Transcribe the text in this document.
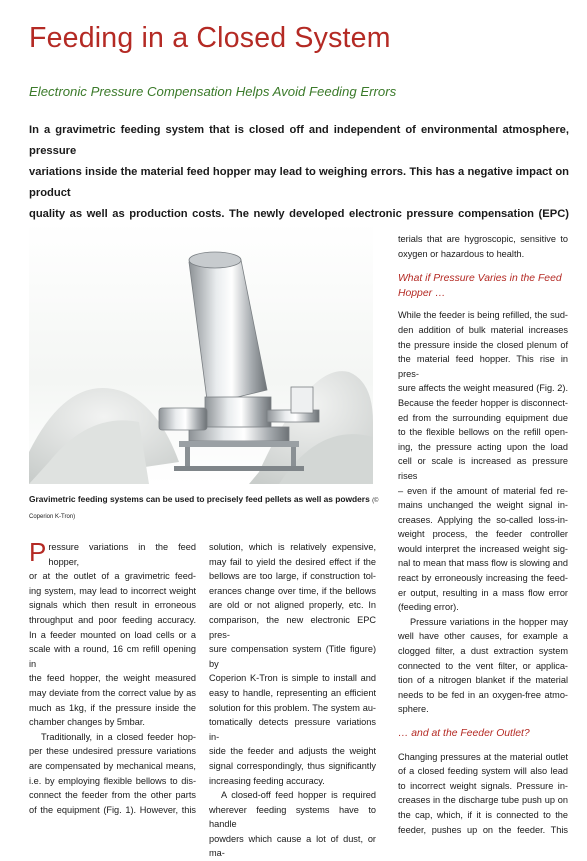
Feeding in a Closed System
Electronic Pressure Compensation Helps Avoid Feeding Errors
In a gravimetric feeding system that is closed off and independent of environmental atmosphere, pressure
variations inside the material feed hopper may lead to weighing errors. This has a negative impact on product
quality as well as production costs. The newly developed electronic pressure compensation (EPC)
Gravimetric feeding systems can be used to precisely feed pellets as well as powders (© Coperion K-Tron)
P ressure variations in the feed hopper,

or at the outlet of a gravimetric feed-

ing system, may lead to incorrect weight

signals which then result in erroneous

throughput and poor feeding accuracy.

In a feeder mounted on load cells or a

scale with a round, 16 cm refill opening in

the feed hopper, the weight measured

may deviate from the correct value by as

much as 1kg, if the pressure inside the

chamber changes by 5mbar.

Traditionally, in a closed feeder hop-

per these undesired pressure variations

are compensated by mechanical means,

i.e. by employing flexible bellows to dis-

connect the feeder from the other parts

of the equipment (Fig. 1). However, this

solution, which is relatively expensive,

may fail to yield the desired effect if the

bellows are too large, if construction tol-

erances change over time, if the bellows

are old or not aligned properly, etc. In

comparison, the new electronic EPC pres-

sure compensation system (Title figure) by

Coperion K-Tron is simple to install and

easy to handle, representing an efficient

solution for this problem. The system au-

tomatically detects pressure variations in-

side the feeder and adjusts the weight

signal correspondingly, thus significantly

increasing feeding accuracy.

A closed-off feed hopper is required

wherever feeding systems have to handle

powders which cause a lot of dust, or ma-

terials that are hygroscopic, sensitive to

oxygen or hazardous to health.

What if Pressure Varies in the Feed

Hopper …

While the feeder is being refilled, the sud-

den addition of bulk material increases

the pressure inside the closed plenum of

the material feed hopper. This rise in pres-

sure affects the weight measured (Fig. 2).

Because the feeder hopper is disconnect-

ed from the surrounding equipment due

to the flexible bellows on the refill open-

ing, the pressure acting upon the load

cell or scale is increased as pressure rises

– even if the amount of material fed re-

mains unchanged the weight signal in-

creases. Applying the so-called loss-in-

weight process, the feeder controller

would interpret the increased weight sig-

nal to mean that mass flow is slowing and

react by erroneously increasing the feed-

er output, resulting in a mass flow error

(feeding error).

Pressure variations in the hopper may

well have other causes, for example a

clogged filter, a dust extraction system

connected to the vent filter, or applica-

tion of a nitrogen blanket if the material

needs to be fed in an oxygen-free atmo-

sphere.

… and at the Feeder Outlet?

Changing pressures at the material outlet

of a closed feeding system will also lead

to incorrect weight signals. Pressure in-

creases in the discharge tube push up on

the cap, which, if it is connected to the

feeder, pushes up on the feeder. This
